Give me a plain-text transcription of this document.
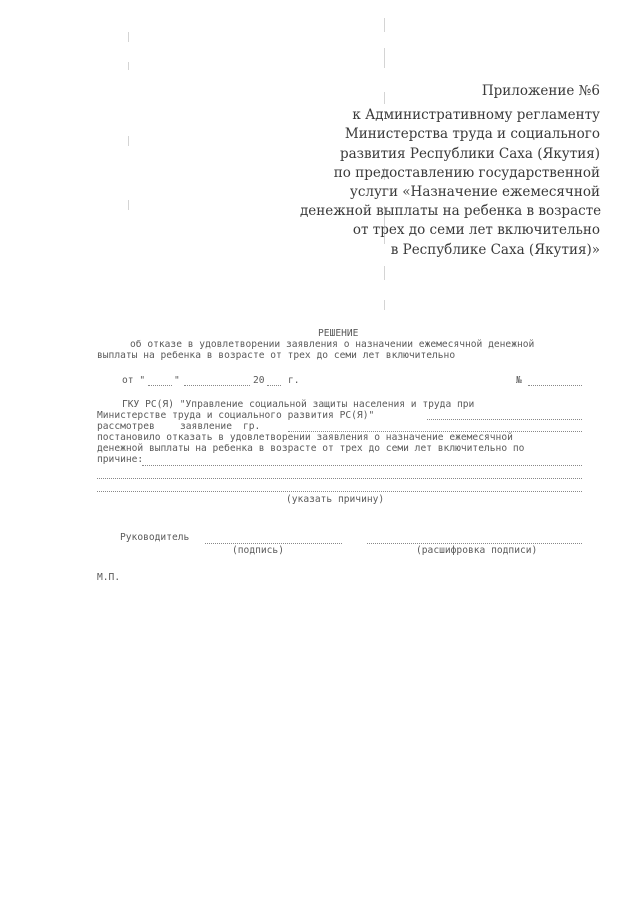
Приложение №6
к Административному регламенту
Министерства труда и социального
развития Республики Саха (Якутия)
по предоставлению государственной
услуги «Назначение ежемесячной
денежной выплаты на ребенка в возрасте
от трех до семи лет включительно
в Республике Саха (Якутия)»
РЕШЕНИЕ
об отказе в удовлетворении заявления о назначении ежемесячной денежной
выплаты на ребенка в возрасте от трех до семи лет включительно
от "	"	20 г.	№
ГКУ РС(Я) "Управление социальной защиты населения и труда при
Министерстве труда и социального развития РС(Я)"
рассмотрев	заявление гр.
постановило отказать в удовлетворении заявления о назначение ежемесячной
денежной выплаты на ребенка в возрасте от трех до семи лет включительно по
причине:
(указать причину)
Руководитель
(подпись)	(расшифровка подписи)
М.П.
